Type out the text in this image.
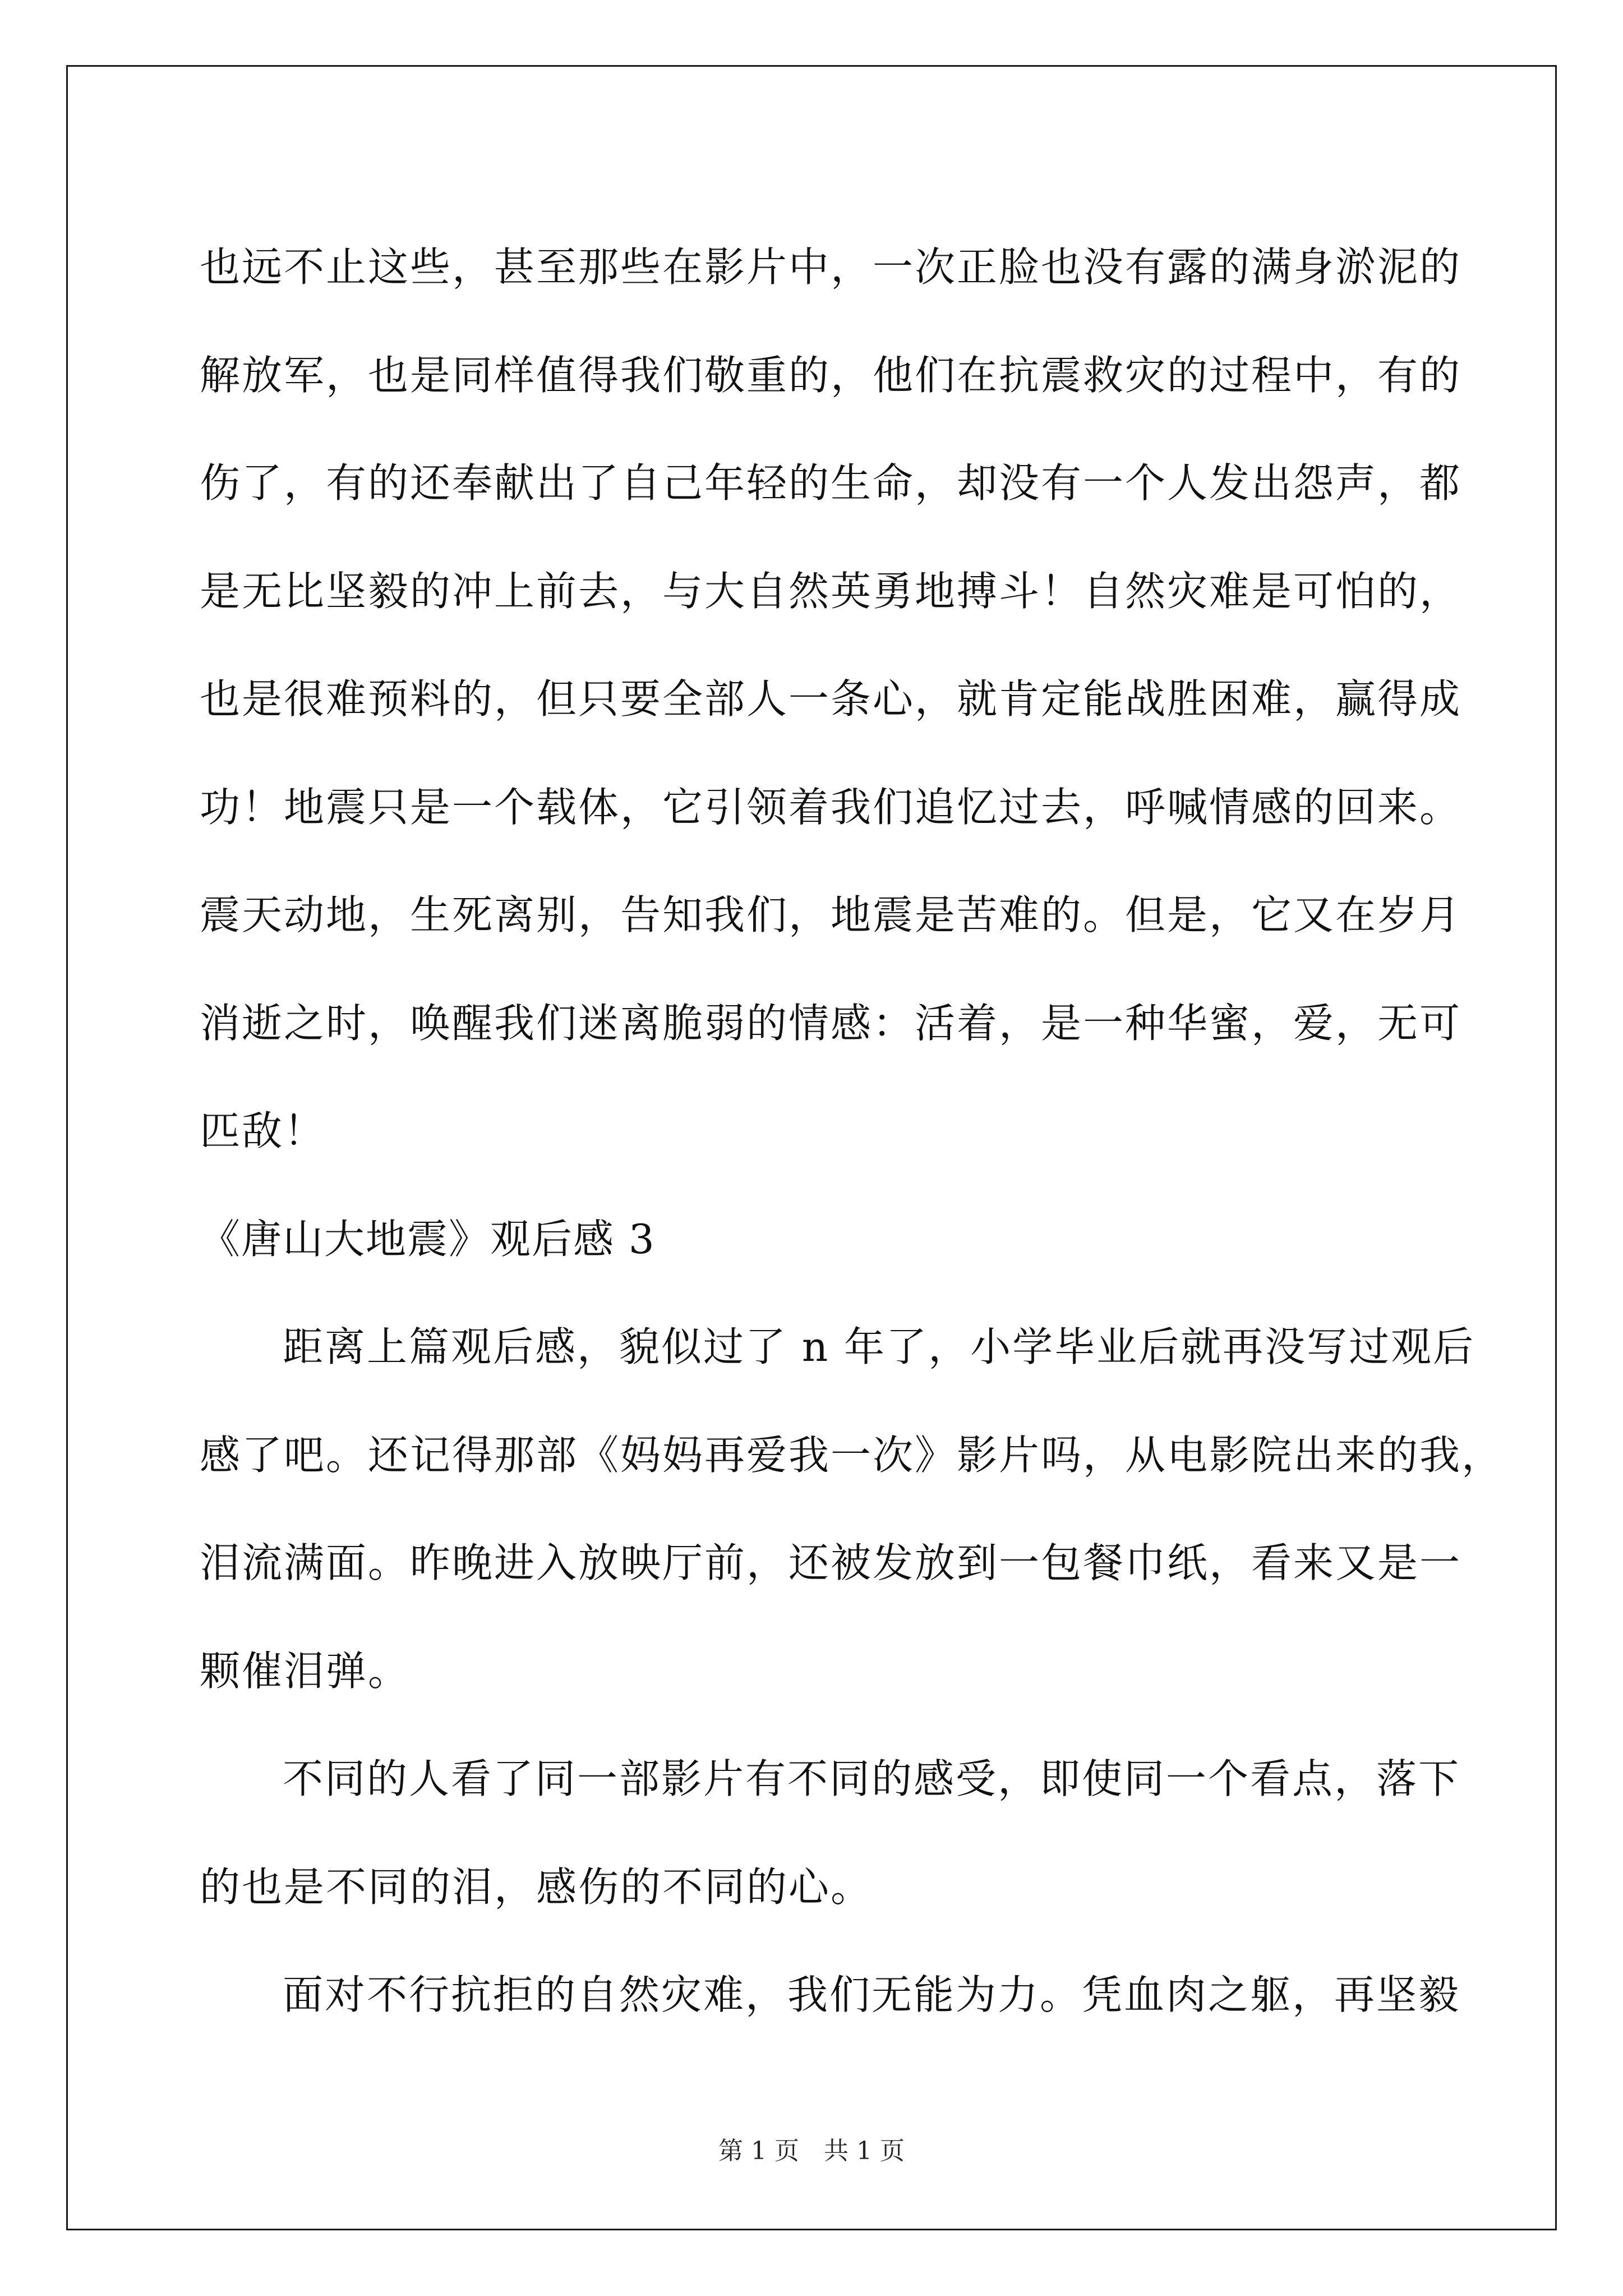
也远不止这些，甚至那些在影片中，一次正脸也没有露的满身淤泥的
解放军，也是同样值得我们敬重的，他们在抗震救灾的过程中，有的
伤了，有的还奉献出了自己年轻的生命，却没有一个人发出怨声，都
是无比坚毅的冲上前去，与大自然英勇地搏斗！自然灾难是可怕的，
也是很难预料的，但只要全部人一条心，就肯定能战胜困难，赢得成
功！地震只是一个载体，它引领着我们追忆过去，呼喊情感的回来。
震天动地，生死离别，告知我们，地震是苦难的。但是，它又在岁月
消逝之时，唤醒我们迷离脆弱的情感：活着，是一种华蜜，爱，无可
匹敌！
《唐山大地震》观后感 3
距离上篇观后感，貌似过了 n 年了，小学毕业后就再没写过观后
感了吧。还记得那部《妈妈再爱我一次》影片吗，从电影院出来的我，
泪流满面。昨晚进入放映厅前，还被发放到一包餐巾纸，看来又是一
颗催泪弹。
不同的人看了同一部影片有不同的感受，即使同一个看点，落下
的也是不同的泪，感伤的不同的心。
面对不行抗拒的自然灾难，我们无能为力。凭血肉之躯，再坚毅
第 1 页　共 1 页
